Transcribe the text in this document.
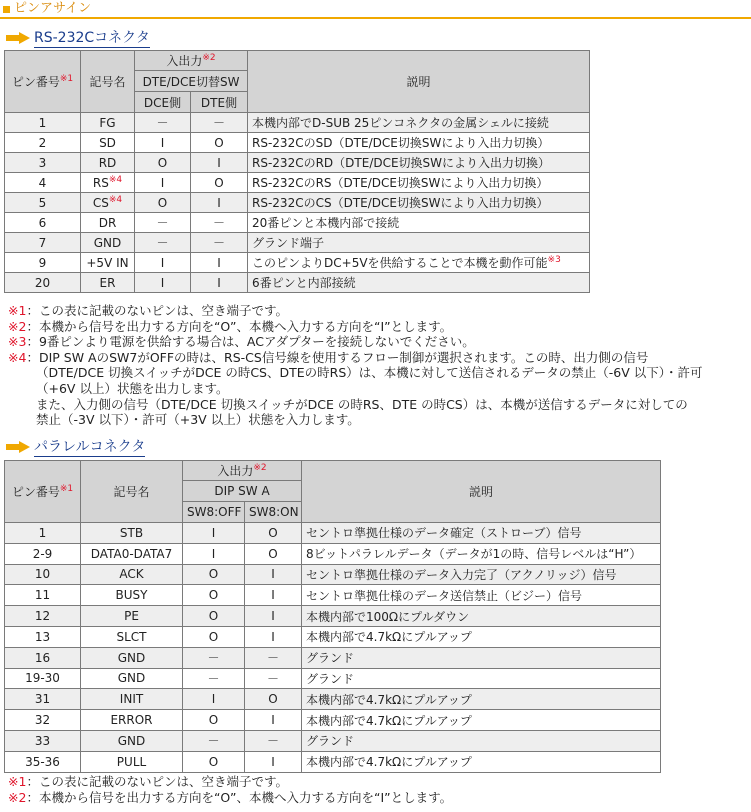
ピンアサイン
RS-232Cコネクタ
ピン番号$^{※1}$	記号名	入出力$^{※2}$		説明
		DTE/DCE切替SW		
		DCE側	DTE側	
1	FG	－	－	本機内部でD-SUB 25ピンコネクタの金属シェルに接続
2	SD	I	O	RS-232CのSD（DTE/DCE切換SWにより入出力切換）
3	RD	O	I	RS-232CのRD（DTE/DCE切換SWにより入出力切換）
4	RS$^{※4}$	I	O	RS-232CのRS（DTE/DCE切換SWにより入出力切換）
5	CS$^{※4}$	O	I	RS-232CのCS（DTE/DCE切換SWにより入出力切換）
6	DR	－	－	20番ピンと本機内部で接続
7	GND	－	－	グランド端子
9	+5V IN	I	I	このピンよりDC+5Vを供給することで本機を動作可能$^{※3}$
20	ER	I	I	6番ピンと内部接続
※1：この表に記載のないピンは、空き端子です。
※2：本機から信号を出力する方向を“O”、本機へ入力する方向を“I”とします。
※3：9番ピンより電源を供給する場合は、ACアダプターを接続しないでください。
※4：DIP SW AのSW7がOFFの時は、RS-CS信号線を使用するフロー制御が選択されます。この時、出力側の信号
（DTE/DCE 切換スイッチがDCE の時CS、DTEの時RS）は、本機に対して送信されるデータの禁止（-6V 以下）・許可
（+6V 以上）状態を出力します。
また、入力側の信号（DTE/DCE 切換スイッチがDCE の時RS、DTE の時CS）は、本機が送信するデータに対しての
禁止（-3V 以下）・許可（+3V 以上）状態を入力します。
パラレルコネクタ
ピン番号$^{※1}$	記号名	入出力$^{※2}$		説明
		DIP SW A		
		SW8:OFF	SW8:ON	
1	STB	I	O	セントロ準拠仕様のデータ確定（ストローブ）信号
2-9	DATA0-DATA7	I	O	8ビットパラレルデータ（データが1の時、信号レベルは“H”）
10	ACK	O	I	セントロ準拠仕様のデータ入力完了（アクノリッジ）信号
11	BUSY	O	I	セントロ準拠仕様のデータ送信禁止（ビジー）信号
12	PE	O	I	本機内部で100Ωにプルダウン
13	SLCT	O	I	本機内部で4.7kΩにプルアップ
16	GND	－	－	グランド
19-30	GND	－	－	グランド
31	INIT	I	O	本機内部で4.7kΩにプルアップ
32	ERROR	O	I	本機内部で4.7kΩにプルアップ
33	GND	－	－	グランド
35-36	PULL	O	I	本機内部で4.7kΩにプルアップ
※1：この表に記載のないピンは、空き端子です。
※2：本機から信号を出力する方向を“O”、本機へ入力する方向を“I”とします。
